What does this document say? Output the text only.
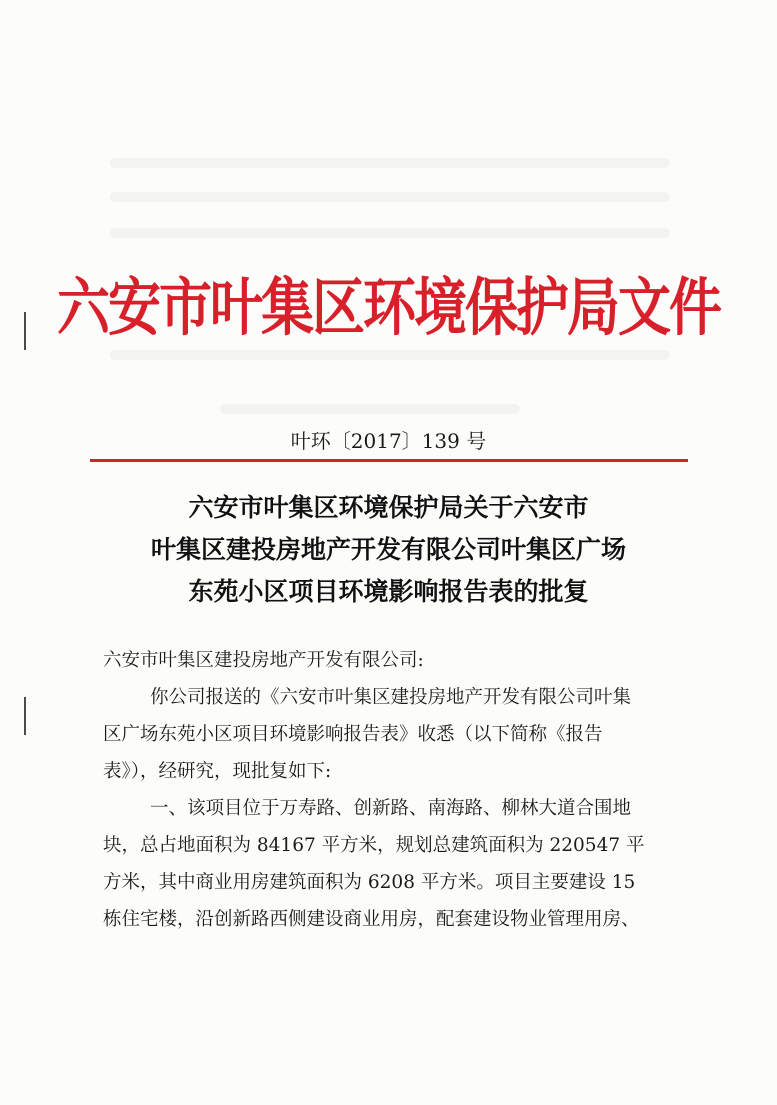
六安市叶集区环境保护局文件
叶环〔2017〕139 号
六安市叶集区环境保护局关于六安市
叶集区建投房地产开发有限公司叶集区广场
东苑小区项目环境影响报告表的批复
六安市叶集区建投房地产开发有限公司:
你公司报送的《六安市叶集区建投房地产开发有限公司叶集
区广场东苑小区项目环境影响报告表》收悉（以下简称《报告
表》），经研究，现批复如下:
一、该项目位于万寿路、创新路、南海路、柳林大道合围地
块，总占地面积为 84167 平方米，规划总建筑面积为 220547 平
方米，其中商业用房建筑面积为 6208 平方米。项目主要建设 15
栋住宅楼，沿创新路西侧建设商业用房，配套建设物业管理用房、
